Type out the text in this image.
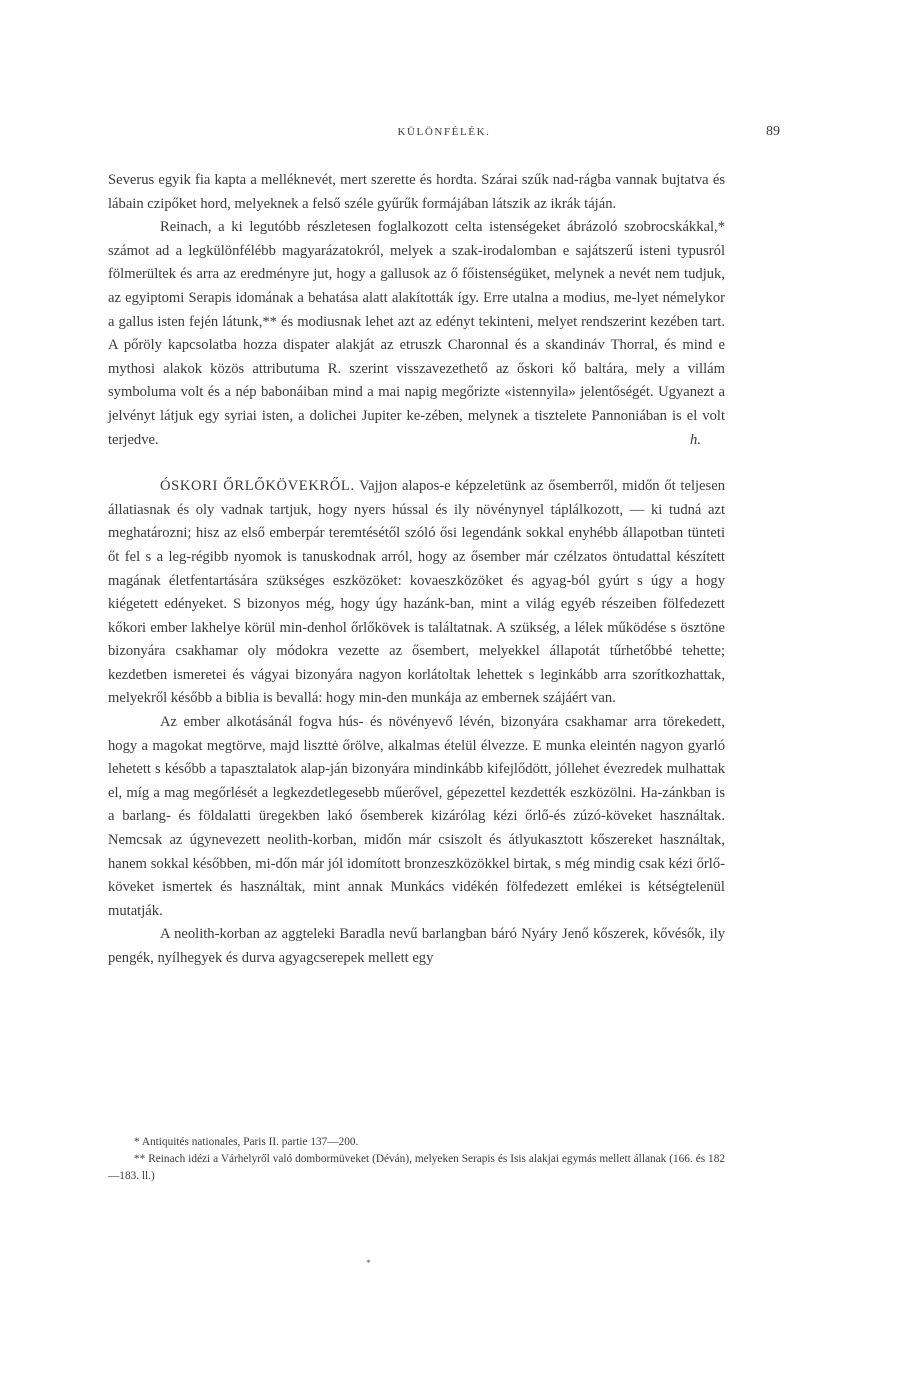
KÜLÖNFÉLÉK.	89

Severus egyik fia kapta a melléknevét, mert szerette és hordta. Szárai szűk nad-rágba vannak bujtatva és lábain czipőket hord, melyeknek a felső széle gyűrűk formájában látszik az ikrák táján.

Reinach, a ki legutóbb részletesen foglalkozott celta istenségeket ábrázoló szobrocskákkal,* számot ad a legkülönfélébb magyarázatokról, melyek a szak-irodalomban e sajátszerű isteni typusról fölmerültek és arra az eredményre jut, hogy a gallusok az ő főistenségüket, melynek a nevét nem tudjuk, az egyiptomi Serapis idomának a behatása alatt alakították így. Erre utalna a modius, me-lyet némelykor a gallus isten fején látunk,** és modiusnak lehet azt az edényt tekinteni, melyet rendszerint kezében tart. A pőröly kapcsolatba hozza dispater alakját az etruszk Charonnal és a skandináv Thorral, és mind e mythosi alakok közös attributuma R. szerint visszavezethető az őskori kő baltára, mely a villám symboluma volt és a nép babonáiban mind a mai napig megőrizte «istennyila» jelentőségét. Ugyanezt a jelvényt látjuk egy syriai isten, a dolichei Jupiter ke-zében, melynek a tisztelete Pannoniában is el volt terjedve.	h.

ÓSKORI ŐRLŐKÖVEKRŐL. Vajjon alapos-e képzeletünk az ősemberről, midőn őt teljesen állatiasnak és oly vadnak tartjuk, hogy nyers hússal és ily növénynyel táplálkozott, — ki tudná azt meghatározni; hisz az első emberpár teremtésétől szóló ősi legendánk sokkal enyhébb állapotban tünteti őt fel s a leg-régibb nyomok is tanuskodnak arról, hogy az ősember már czélzatos öntudattal készített magának életfentartására szükséges eszközöket: kovaeszközöket és agyag-ból gyúrt s úgy a hogy kiégetett edényeket. S bizonyos még, hogy úgy hazánk-ban, mint a világ egyéb részeiben fölfedezett kőkori ember lakhelye körül min-denhol őrlőkövek is találtatnak. A szükség, a lélek működése s ösztöne bizonyára csakhamar oly módokra vezette az ősembert, melyekkel állapotát tűrhetőbbé tehette; kezdetben ismeretei és vágyai bizonyára nagyon korlátoltak lehettek s leginkább arra szorítkozhattak, melyekről később a biblia is bevallá: hogy min-den munkája az embernek szájáért van.

Az ember alkotásánál fogva hús- és növényevő lévén, bizonyára csakhamar arra törekedett, hogy a magokat megtörve, majd liszttė őrölve, alkalmas ételül élvezze. E munka eleintén nagyon gyarló lehetett s később a tapasztalatok alap-ján bizonyára mindinkább kifejlődött, jóllehet évezredek mulhattak el, míg a mag megőrlését a legkezdetlegesebb műerővel, gépezettel kezdették eszközölni. Ha-zánkban is a barlang- és földalatti üregekben lakó ősemberek kizárólag kézi őrlő-és zúzó-köveket használtak. Nemcsak az úgynevezett neolith-korban, midőn már csiszolt és átlyukasztott kőszereket használtak, hanem sokkal későbben, mi-dőn már jól idomított bronzeszközökkel birtak, s még mindig csak kézi őrlő-köveket ismertek és használtak, mint annak Munkács vidékén fölfedezett emlékei is kétségtelenül mutatják.

A neolith-korban az aggteleki Baradla nevű barlangban báró Nyáry Jenő kőszerek, kővésők, ily pengék, nyílhegyek és durva agyagcserepek mellett egy

* Antiquités nationales, Paris II. partie 137—200.

** Reinach idézi a Várhelyről való dombormüveket (Déván), melyeken Serapis és Isis alakjai egymás mellett állanak (166. és 182—183. ll.)

*
